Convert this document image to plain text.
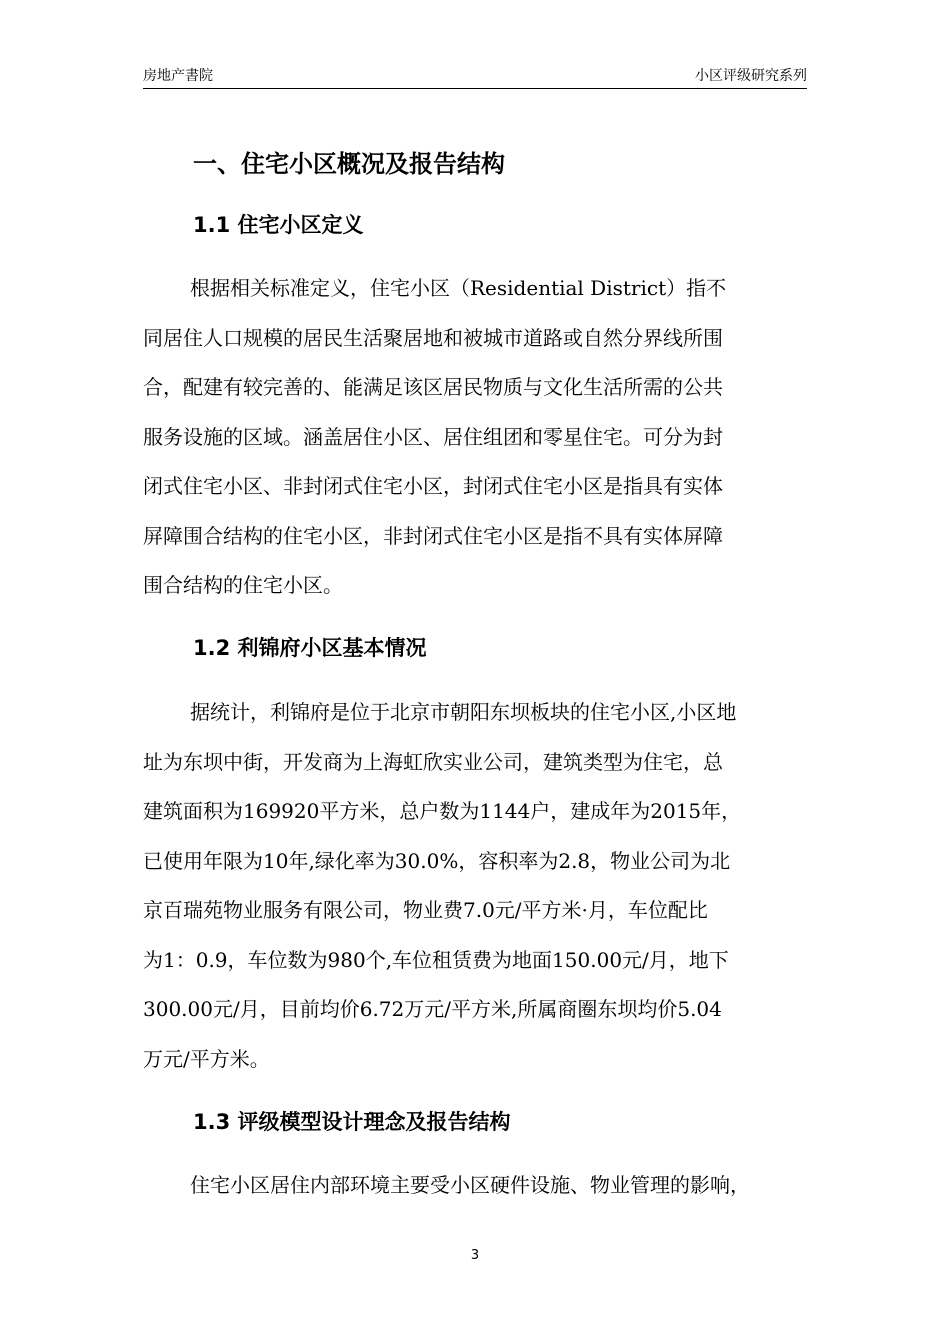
房地产書院	小区评级研究系列
一、住宅小区概况及报告结构
1.1 住宅小区定义
根据相关标准定义，住宅小区（Residential District）指不
同居住人口规模的居民生活聚居地和被城市道路或自然分界线所围
合，配建有较完善的、能满足该区居民物质与文化生活所需的公共
服务设施的区域。涵盖居住小区、居住组团和零星住宅。可分为封
闭式住宅小区、非封闭式住宅小区，封闭式住宅小区是指具有实体
屏障围合结构的住宅小区，非封闭式住宅小区是指不具有实体屏障
围合结构的住宅小区。
1.2 利锦府小区基本情况
据统计，利锦府是位于北京市朝阳东坝板块的住宅小区,小区地
址为东坝中街，开发商为上海虹欣实业公司，建筑类型为住宅，总
建筑面积为169920平方米，总户数为1144户，建成年为2015年，
已使用年限为10年,绿化率为30.0%，容积率为2.8，物业公司为北
京百瑞苑物业服务有限公司，物业费7.0元/平方米·月，车位配比
为1：0.9，车位数为980个,车位租赁费为地面150.00元/月，地下
300.00元/月，目前均价6.72万元/平方米,所属商圈东坝均价5.04
万元/平方米。
1.3 评级模型设计理念及报告结构
住宅小区居住内部环境主要受小区硬件设施、物业管理的影响，
3
